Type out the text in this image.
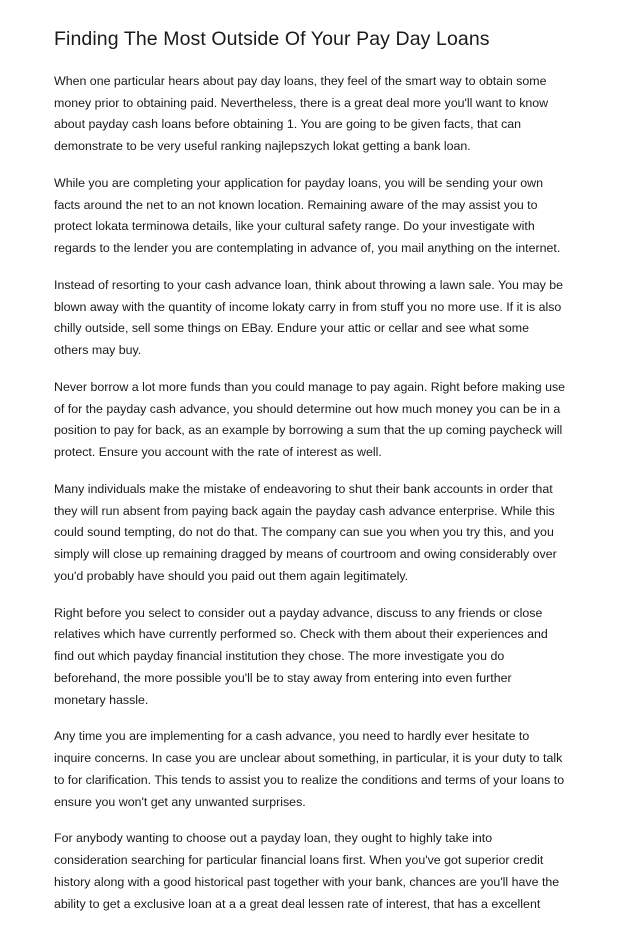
Finding The Most Outside Of Your Pay Day Loans
When one particular hears about pay day loans, they feel of the smart way to obtain some
money prior to obtaining paid. Nevertheless, there is a great deal more you'll want to know
about payday cash loans before obtaining 1. You are going to be given facts, that can
demonstrate to be very useful ranking najlepszych lokat getting a bank loan.
While you are completing your application for payday loans, you will be sending your own
facts around the net to an not known location. Remaining aware of the may assist you to
protect lokata terminowa details, like your cultural safety range. Do your investigate with
regards to the lender you are contemplating in advance of, you mail anything on the internet.
Instead of resorting to your cash advance loan, think about throwing a lawn sale. You may be
blown away with the quantity of income lokaty carry in from stuff you no more use. If it is also
chilly outside, sell some things on EBay. Endure your attic or cellar and see what some
others may buy.
Never borrow a lot more funds than you could manage to pay again. Right before making use
of for the payday cash advance, you should determine out how much money you can be in a
position to pay for back, as an example by borrowing a sum that the up coming paycheck will
protect. Ensure you account with the rate of interest as well.
Many individuals make the mistake of endeavoring to shut their bank accounts in order that
they will run absent from paying back again the payday cash advance enterprise. While this
could sound tempting, do not do that. The company can sue you when you try this, and you
simply will close up remaining dragged by means of courtroom and owing considerably over
you'd probably have should you paid out them again legitimately.
Right before you select to consider out a payday advance, discuss to any friends or close
relatives which have currently performed so. Check with them about their experiences and
find out which payday financial institution they chose. The more investigate you do
beforehand, the more possible you'll be to stay away from entering into even further
monetary hassle.
Any time you are implementing for a cash advance, you need to hardly ever hesitate to
inquire concerns. In case you are unclear about something, in particular, it is your duty to talk
to for clarification. This tends to assist you to realize the conditions and terms of your loans to
ensure you won't get any unwanted surprises.
For anybody wanting to choose out a payday loan, they ought to highly take into
consideration searching for particular financial loans first. When you've got superior credit
history along with a good historical past together with your bank, chances are you'll have the
ability to get a exclusive loan at a a great deal lessen rate of interest, that has a excellent
